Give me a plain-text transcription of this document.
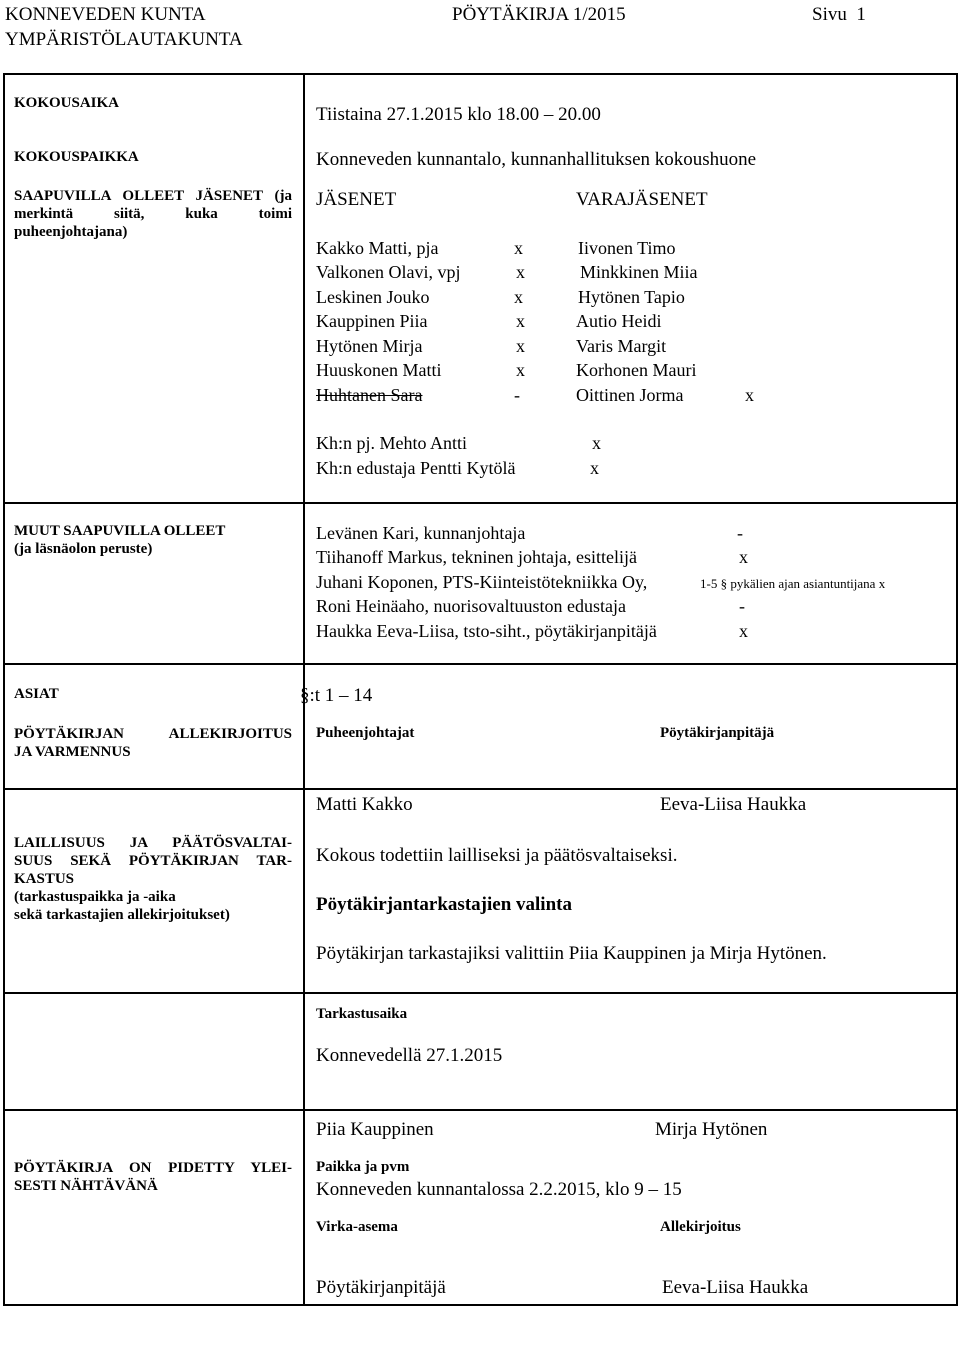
KONNEVEDEN KUNTA
YMPÄRISTÖLAUTAKUNTA
PÖYTÄKIRJA 1/2015	Sivu 1
KOKOUSAIKA
Tiistaina 27.1.2015 klo 18.00 – 20.00
KOKOUSPAIKKA	Konneveden kunnantalo, kunnanhallituksen kokoushuone
SAAPUVILLA OLLEET JÄSENET (ja merkintä siitä, kuka toimi puheenjohtajana)
JÄSENET	VARAJÄSENET
Kakko Matti, pja	x	Iivonen Timo
Valkonen Olavi, vpj	x	Minkkinen Miia
Leskinen Jouko	x	Hytönen Tapio
Kauppinen Piia	x	Autio Heidi
Hytönen Mirja	x	Varis Margit
Huuskonen Matti	x	Korhonen Mauri
Huhtanen Sara	-	Oittinen Jorma	x
Kh:n pj. Mehto Antti	x
Kh:n edustaja Pentti Kytölä	x
MUUT SAAPUVILLA OLLEET
(ja läsnäolon peruste)
Levänen Kari, kunnanjohtaja	-
Tiihanoff Markus, tekninen johtaja, esittelijä	x
Juhani Koponen, PTS-Kiinteistötekniikka Oy,	1-5 § pykälien ajan asiantuntijana x
Roni Heinäaho, nuorisovaltuuston edustaja	-
Haukka Eeva-Liisa, tsto-siht., pöytäkirjanpitäjä	x
ASIAT	§:t 1 – 14
PÖYTÄKIRJAN ALLEKIRJOITUS
JA VARMENNUS
Puheenjohtajat	Pöytäkirjanpitäjä
Matti Kakko	Eeva-Liisa Haukka
LAILLISUUS JA PÄÄTÖSVALTAI-
SUUS SEKÄ PÖYTÄKIRJAN TAR-
KASTUS
(tarkastuspaikka ja -aika
sekä tarkastajien allekirjoitukset)
Kokous todettiin lailliseksi ja päätösvaltaiseksi.
Pöytäkirjantarkastajien valinta
Pöytäkirjan tarkastajiksi valittiin Piia Kauppinen ja Mirja Hytönen.
Tarkastusaika
Konnevedellä 27.1.2015
Piia Kauppinen	Mirja Hytönen
PÖYTÄKIRJA ON PIDETTY YLEI-
SESTI NÄHTÄVÄNÄ
Paikka ja pvm
Konneveden kunnantalossa 2.2.2015, klo 9 – 15
Virka-asema	Allekirjoitus
Pöytäkirjanpitäjä	Eeva-Liisa Haukka
